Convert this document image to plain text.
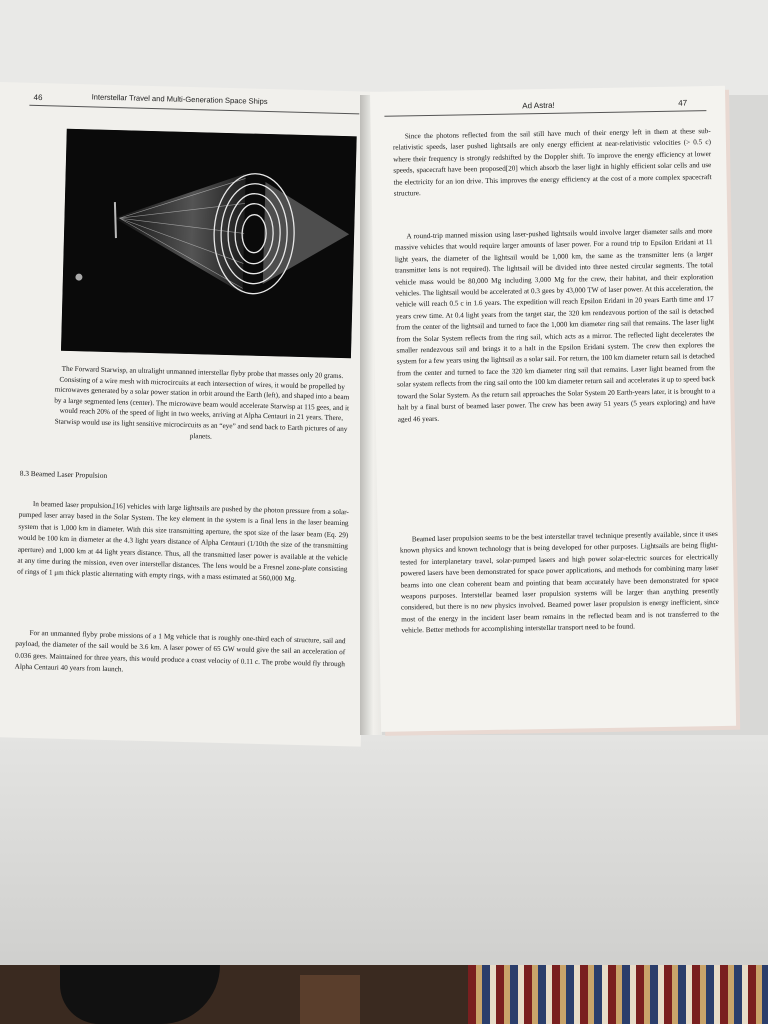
46	Interstellar Travel and Multi-Generation Space Ships

The Forward Starwisp, an ultralight unmanned interstellar flyby probe that masses only 20 grams. Consisting of a wire mesh with microcircuits at each intersection of wires, it would be propelled by microwaves generated by a solar power station in orbit around the Earth (left), and shaped into a beam by a large segmented lens (center). The microwave beam would accelerate Starwisp at 115 gees, and it would reach 20% of the speed of light in two weeks, arriving at Alpha Centauri in 21 years. There, Starwisp would use its light sensitive microcircuits as an “eye” and send back to Earth pictures of any planets.

8.3 Beamed Laser Propulsion

In beamed laser propulsion,[16] vehicles with large lightsails are pushed by the photon pressure from a solar-pumped laser array based in the Solar System. The key element in the system is a final lens in the laser beaming system that is 1,000 km in diameter. With this size transmitting aperture, the spot size of the laser beam (Eq. 29) would be 100 km in diameter at the 4.3 light years distance of Alpha Centauri (1/10th the size of the transmitting aperture) and 1,000 km at 44 light years distance. Thus, all the transmitted laser power is available at the vehicle at any time during the mission, even over interstellar distances. The lens would be a Fresnel zone-plate consisting of rings of 1 μm thick plastic alternating with empty rings, with a mass estimated at 560,000 Mg.

For an unmanned flyby probe missions of a 1 Mg vehicle that is roughly one-third each of structure, sail and payload, the diameter of the sail would be 3.6 km. A laser power of 65 GW would give the sail an acceleration of 0.036 gees. Maintained for three years, this would produce a coast velocity of 0.11 c. The probe would fly through Alpha Centauri 40 years from launch.

Ad Astra!	47

Since the photons reflected from the sail still have much of their energy left in them at these sub-relativistic speeds, laser pushed lightsails are only energy efficient at near-relativistic velocities (> 0.5 c) where their frequency is strongly redshifted by the Doppler shift. To improve the energy efficiency at lower speeds, spacecraft have been proposed[20] which absorb the laser light in highly efficient solar cells and use the electricity for an ion drive. This improves the energy efficiency at the cost of a more complex spacecraft structure.

A round-trip manned mission using laser-pushed lightsails would involve larger diameter sails and more massive vehicles that would require larger amounts of laser power. For a round trip to Epsilon Eridani at 11 light years, the diameter of the lightsail would be 1,000 km, the same as the transmitter lens (a larger transmitter lens is not required). The lightsail will be divided into three nested circular segments. The total vehicle mass would be 80,000 Mg including 3,000 Mg for the crew, their habitat, and their exploration vehicles. The lightsail would be accelerated at 0.3 gees by 43,000 TW of laser power. At this acceleration, the vehicle will reach 0.5 c in 1.6 years. The expedition will reach Epsilon Eridani in 20 years Earth time and 17 years crew time. At 0.4 light years from the target star, the 320 km rendezvous portion of the sail is detached from the center of the lightsail and turned to face the 1,000 km diameter ring sail that remains. The laser light from the Solar System reflects from the ring sail, which acts as a mirror. The reflected light decelerates the smaller rendezvous sail and brings it to a halt in the Epsilon Eridani system. The crew then explores the system for a few years using the lightsail as a solar sail. For return, the 100 km diameter return sail is detached from the center and turned to face the 320 km diameter ring sail that remains. Laser light beamed from the solar system reflects from the ring sail onto the 100 km diameter return sail and accelerates it up to speed back toward the Solar System. As the return sail approaches the Solar System 20 Earth-years later, it is brought to a halt by a final burst of beamed laser power. The crew has been away 51 years (5 years exploring) and have aged 46 years.

Beamed laser propulsion seems to be the best interstellar travel technique presently available, since it uses known physics and known technology that is being developed for other purposes. Lightsails are being flight-tested for interplanetary travel, solar-pumped lasers and high power solar-electric sources for electrically powered lasers have been demonstrated for space power applications, and methods for combining many laser beams into one clean coherent beam and pointing that beam accurately have been demonstrated for space weapons purposes. Interstellar beamed laser propulsion systems will be larger than anything presently considered, but there is no new physics involved. Beamed power laser propulsion is energy inefficient, since most of the energy in the incident laser beam remains in the reflected beam and is not transferred to the vehicle. Better methods for accomplishing interstellar transport need to be found.
